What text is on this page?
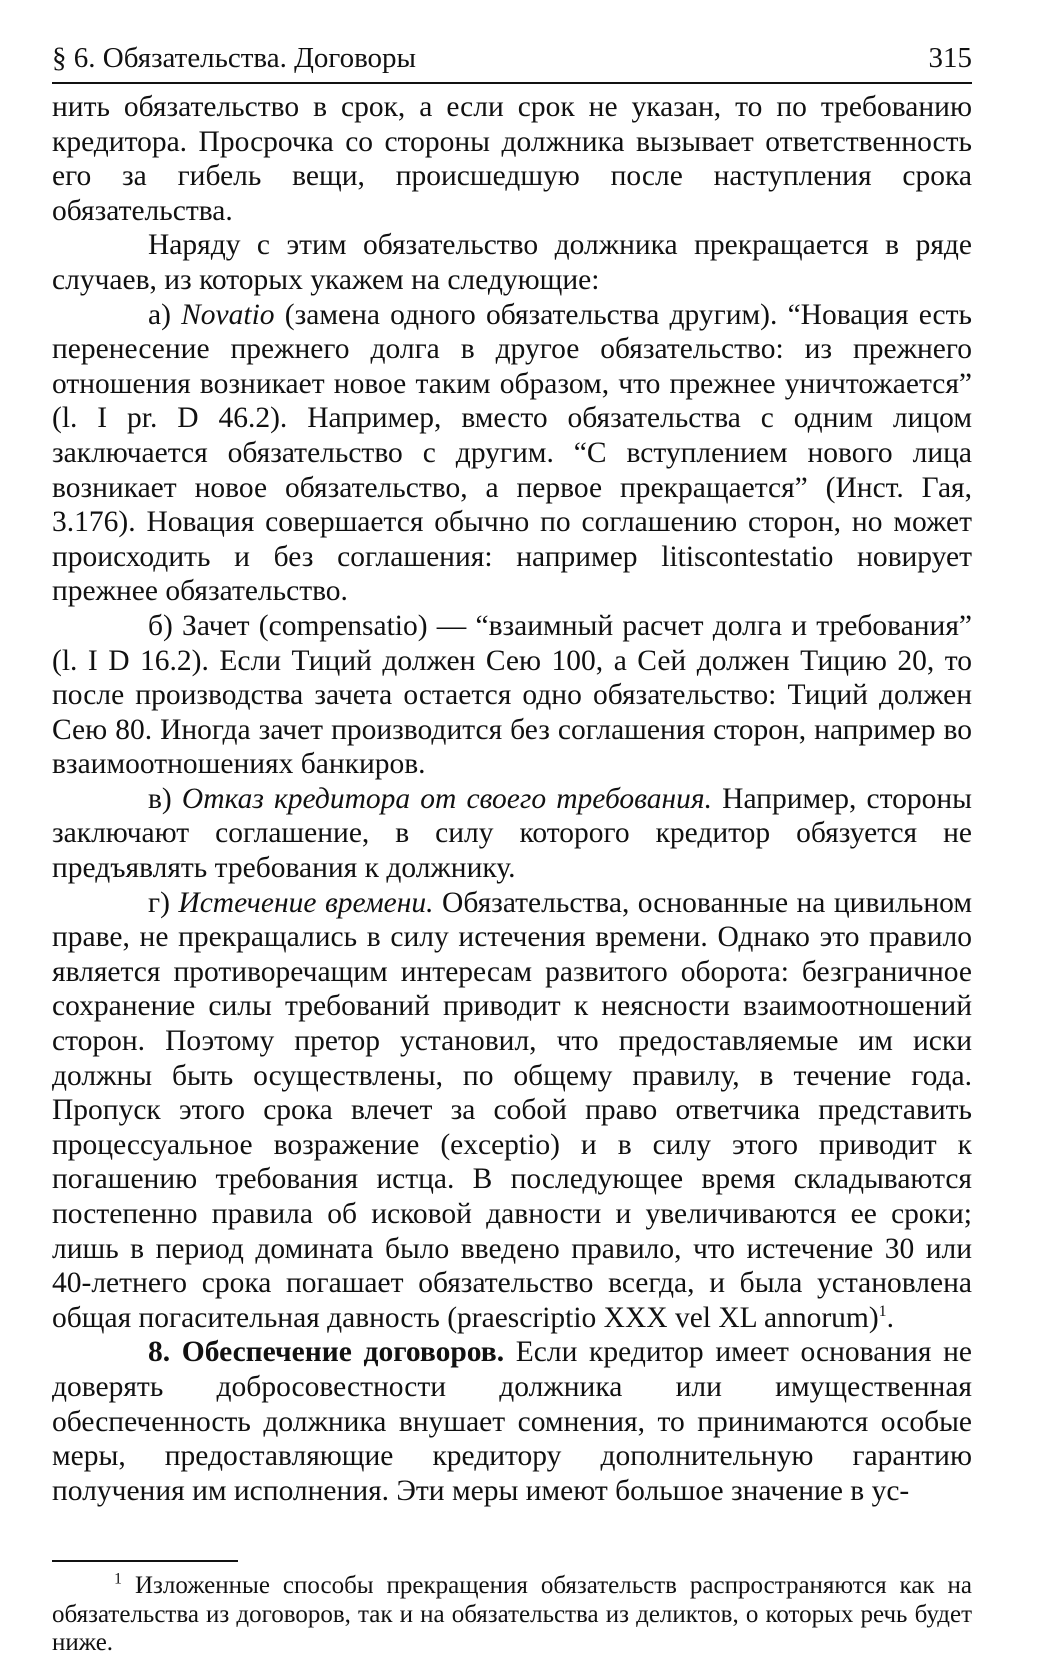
§ 6. Обязательства. Договоры	315

нить обязательство в срок, а если срок не указан, то по требованию кредитора. Просрочка со стороны должника вызывает ответственность его за гибель вещи, происшедшую после наступления срока обязательства.

Наряду с этим обязательство должника прекращается в ряде случаев, из которых укажем на следующие:

а) Novatio (замена одного обязательства другим). “Новация есть перенесение прежнего долга в другое обязательство: из прежнего отношения возникает новое таким образом, что прежнее уничтожается” (l. I pr. D 46.2). Например, вместо обязательства с одним лицом заключается обязательство с другим. “С вступлением нового лица возникает новое обязательство, а первое прекращается” (Инст. Гая, 3.176). Новация совершается обычно по соглашению сторон, но может происходить и без соглашения: например litiscontestatio новирует прежнее обязательство.

б) Зачет (compensatio) — “взаимный расчет долга и требования” (l. I D 16.2). Если Тиций должен Сею 100, а Сей должен Тицию 20, то после производства зачета остается одно обязательство: Тиций должен Сею 80. Иногда зачет производится без соглашения сторон, например во взаимоотношениях банкиров.

в) Отказ кредитора от своего требования. Например, стороны заключают соглашение, в силу которого кредитор обязуется не предъявлять требования к должнику.

г) Истечение времени. Обязательства, основанные на цивильном праве, не прекращались в силу истечения времени. Однако это правило является противоречащим интересам развитого оборота: безграничное сохранение силы требований приводит к неясности взаимоотношений сторон. Поэтому претор установил, что предоставляемые им иски должны быть осуществлены, по общему правилу, в течение года. Пропуск этого срока влечет за собой право ответчика представить процессуальное возражение (exceptio) и в силу этого приводит к погашению требования истца. В последующее время складываются постепенно правила об исковой давности и увеличиваются ее сроки; лишь в период домината было введено правило, что истечение 30 или 40-летнего срока погашает обязательство всегда, и была установлена общая погасительная давность (praescriptio XXX vel XL annorum)$^1$.

8. Обеспечение договоров. Если кредитор имеет основания не доверять добросовестности должника или имущественная обеспеченность должника внушает сомнения, то принимаются особые меры, предоставляющие кредитору дополнительную гарантию получения им исполнения. Эти меры имеют большое значение в ус-

$^1$ Изложенные способы прекращения обязательств распространяются как на обязательства из договоров, так и на обязательства из деликтов, о которых речь будет ниже.
